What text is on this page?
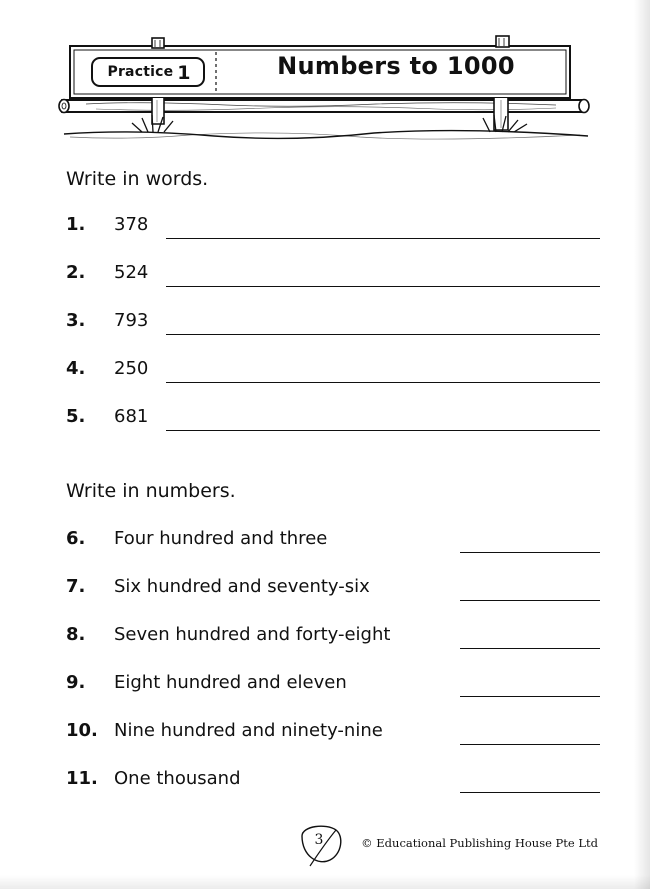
Practice 1	Numbers to 1000
Write in words.
1.	378
2.	524
3.	793
4.	250
5.	681
Write in numbers.
6.	Four hundred and three
7.	Six hundred and seventy-six
8.	Seven hundred and forty-eight
9.	Eight hundred and eleven
10. Nine hundred and ninety-nine
11. One thousand
3	© Educational Publishing House Pte Ltd
